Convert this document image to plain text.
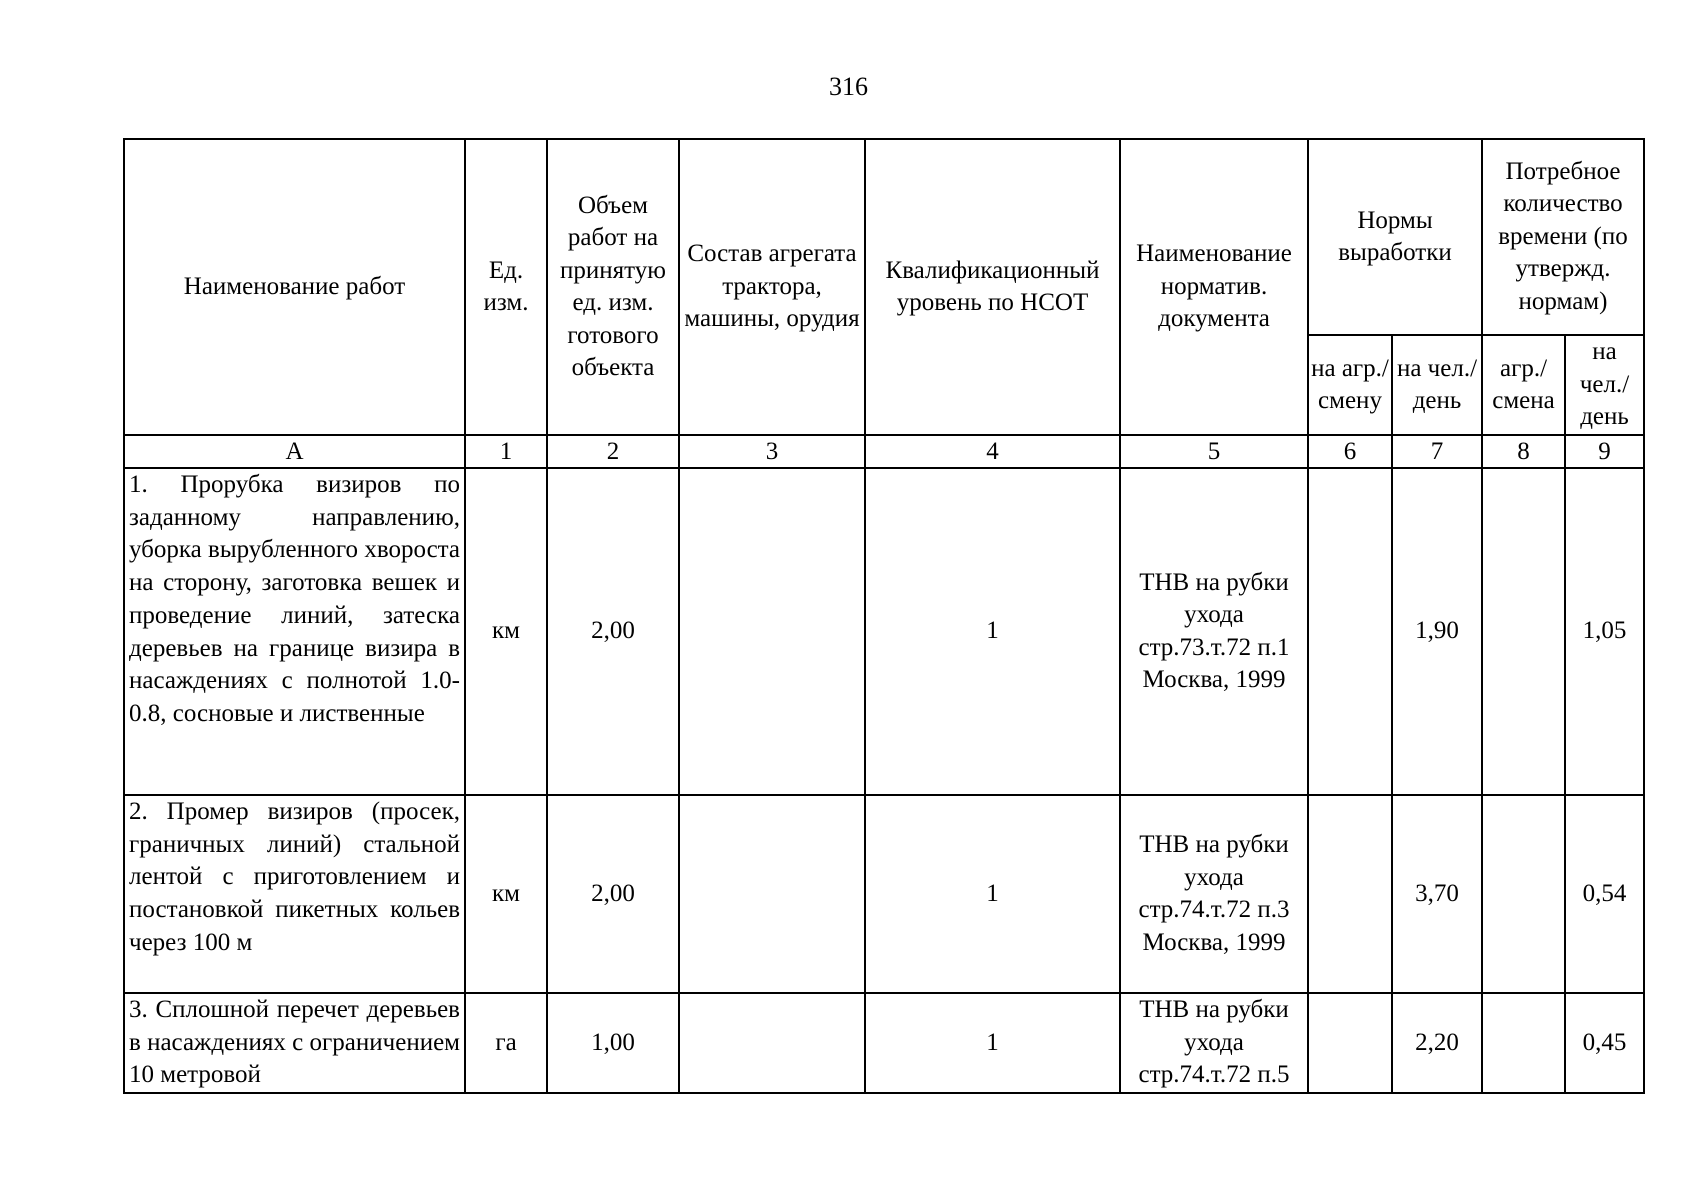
316
Наименование работ	Ед. изм.	Объем работ на принятую ед. изм. готового объекта	Состав агрегата трактора, машины, орудия	Квалификационный уровень по НСОТ	Наименование норматив. документа	Нормы выработки		Потребное количество времени (по утвержд. нормам)	
						на агр./ смену	на чел./ день	агр./ смена	на чел./ день
А	1	2	3	4	5	6	7	8	9
1. Прорубка визиров по заданному направлению, уборка вырубленного хвороста на сторону, заготовка вешек и проведение линий, затеска деревьев на границе визира в насаждениях с полнотой 1.0-0.8, сосновые и лиственные	км	2,00		1	ТНВ на рубки ухода стр.73.т.72 п.1 Москва, 1999		1,90		1,05
2. Промер визиров (просек, граничных линий) стальной лентой с приготовлением и постановкой пикетных кольев через 100 м	км	2,00		1	ТНВ на рубки ухода стр.74.т.72 п.3 Москва, 1999		3,70		0,54
3. Сплошной перечет деревьев в насаждениях с ограничением 10 метровой	га	1,00		1	ТНВ на рубки ухода стр.74.т.72 п.5		2,20		0,45
